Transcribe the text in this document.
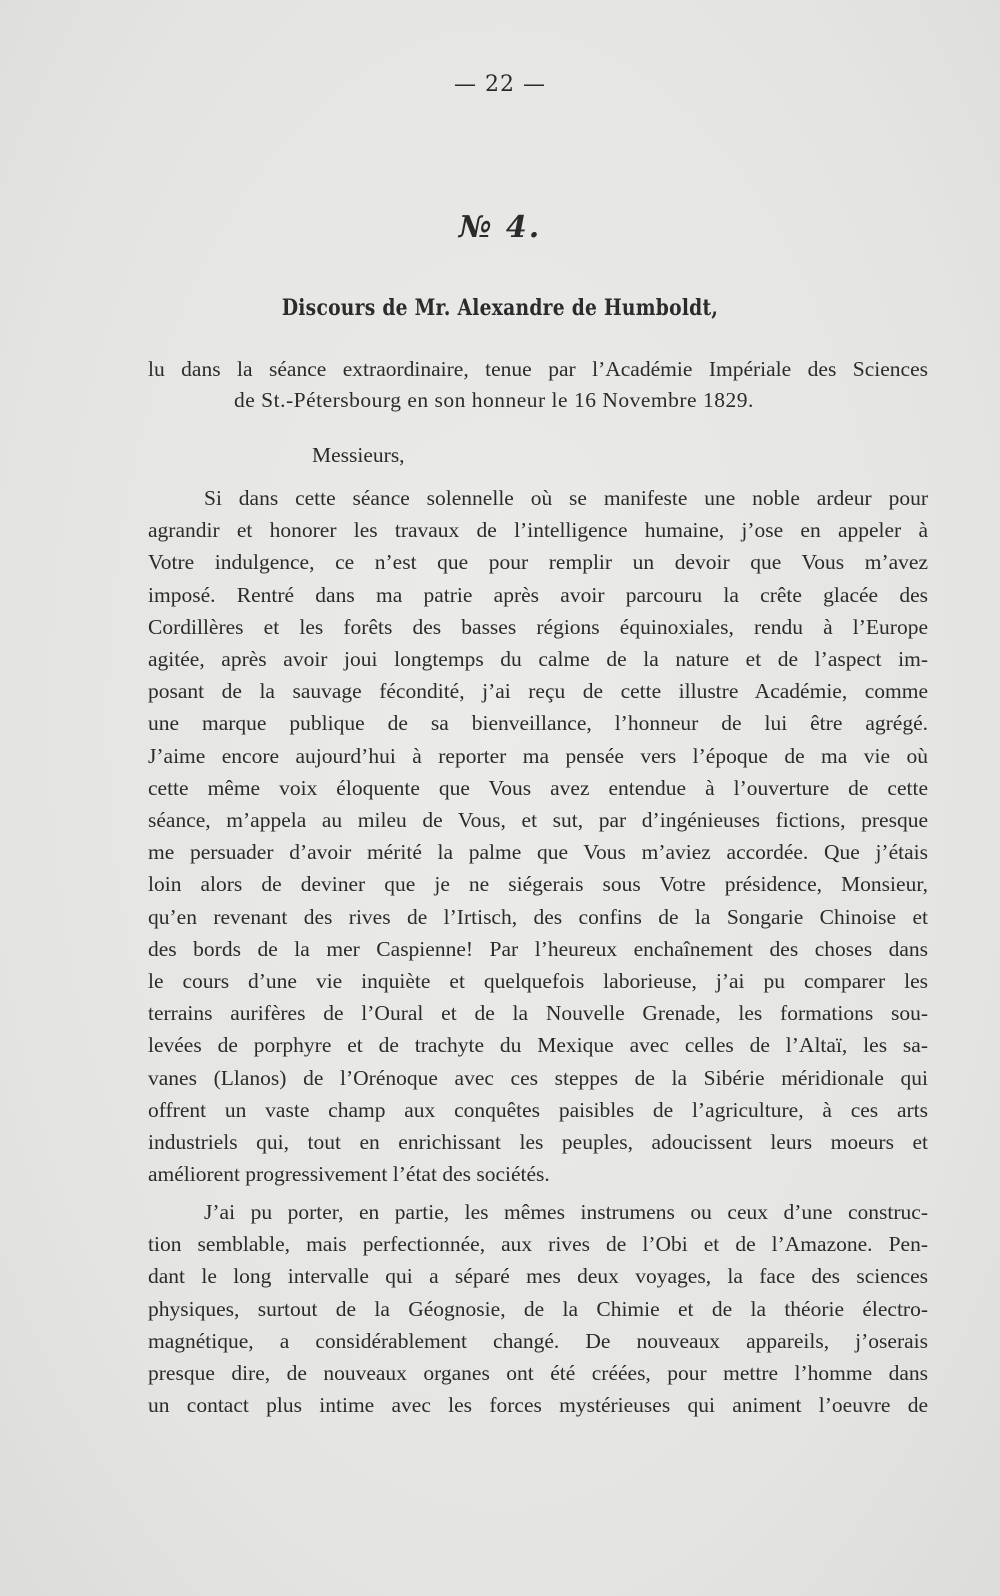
— 22 —
№ 4.
Discours de Mr. Alexandre de Humboldt,
lu dans la séance extraordinaire, tenue par l’Académie Impériale des Sciences
de St.-Pétersbourg en son honneur le 16 Novembre 1829.
Messieurs,
Si dans cette séance solennelle où se manifeste une noble ardeur pour
agrandir et honorer les travaux de l’intelligence humaine, j’ose en appeler à
Votre indulgence, ce n’est que pour remplir un devoir que Vous m’avez
imposé. Rentré dans ma patrie après avoir parcouru la crête glacée des
Cordillères et les forêts des basses régions équinoxiales, rendu à l’Europe
agitée, après avoir joui longtemps du calme de la nature et de l’aspect im-
posant de la sauvage fécondité, j’ai reçu de cette illustre Académie, comme
une marque publique de sa bienveillance, l’honneur de lui être agrégé.
J’aime encore aujourd’hui à reporter ma pensée vers l’époque de ma vie où
cette même voix éloquente que Vous avez entendue à l’ouverture de cette
séance, m’appela au mileu de Vous, et sut, par d’ingénieuses fictions, presque
me persuader d’avoir mérité la palme que Vous m’aviez accordée. Que j’étais
loin alors de deviner que je ne siégerais sous Votre présidence, Monsieur,
qu’en revenant des rives de l’Irtisch, des confins de la Songarie Chinoise et
des bords de la mer Caspienne! Par l’heureux enchaînement des choses dans
le cours d’une vie inquiète et quelquefois laborieuse, j’ai pu comparer les
terrains aurifères de l’Oural et de la Nouvelle Grenade, les formations sou-
levées de porphyre et de trachyte du Mexique avec celles de l’Altaï, les sa-
vanes (Llanos) de l’Orénoque avec ces steppes de la Sibérie méridionale qui
offrent un vaste champ aux conquêtes paisibles de l’agriculture, à ces arts
industriels qui, tout en enrichissant les peuples, adoucissent leurs moeurs et
améliorent progressivement l’état des sociétés.
J’ai pu porter, en partie, les mêmes instrumens ou ceux d’une construc-
tion semblable, mais perfectionnée, aux rives de l’Obi et de l’Amazone. Pen-
dant le long intervalle qui a séparé mes deux voyages, la face des sciences
physiques, surtout de la Géognosie, de la Chimie et de la théorie électro-
magnétique, a considérablement changé. De nouveaux appareils, j’oserais
presque dire, de nouveaux organes ont été créées, pour mettre l’homme dans
un contact plus intime avec les forces mystérieuses qui animent l’oeuvre de
